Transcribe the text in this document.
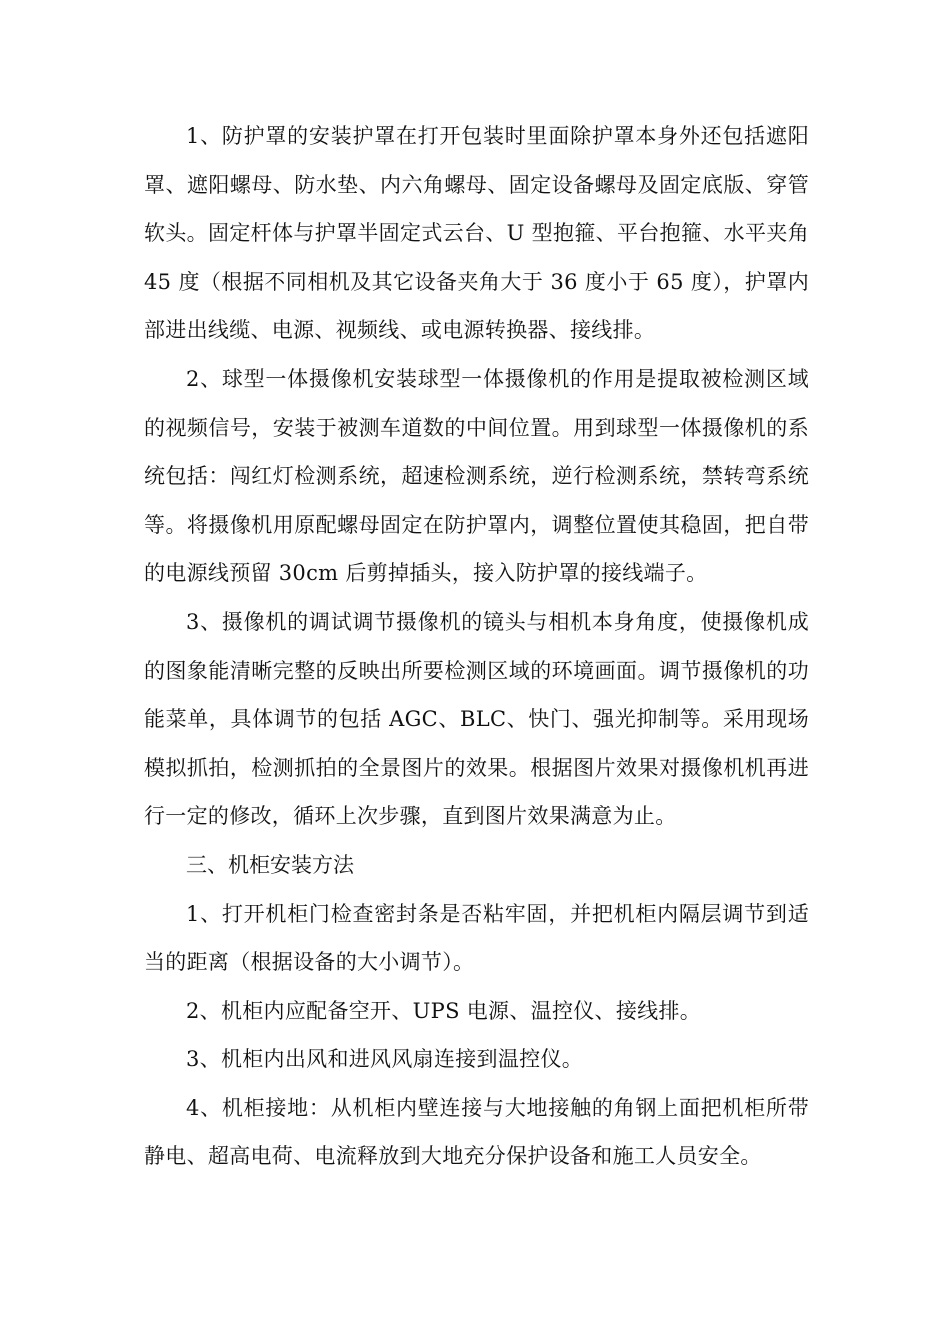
1、防护罩的安装护罩在打开包装时里面除护罩本身外还包括遮阳罩、遮阳螺母、防水垫、内六角螺母、固定设备螺母及固定底版、穿管软头。固定杆体与护罩半固定式云台、U 型抱箍、平台抱箍、水平夹角 45 度（根据不同相机及其它设备夹角大于 36 度小于 65 度），护罩内部进出线缆、电源、视频线、或电源转换器、接线排。

2、球型一体摄像机安装球型一体摄像机的作用是提取被检测区域的视频信号，安装于被测车道数的中间位置。用到球型一体摄像机的系统包括：闯红灯检测系统，超速检测系统，逆行检测系统，禁转弯系统等。将摄像机用原配螺母固定在防护罩内，调整位置使其稳固，把自带的电源线预留 30cm 后剪掉插头，接入防护罩的接线端子。

3、摄像机的调试调节摄像机的镜头与相机本身角度，使摄像机成的图象能清晰完整的反映出所要检测区域的环境画面。调节摄像机的功能菜单，具体调节的包括 AGC、BLC、快门、强光抑制等。采用现场模拟抓拍，检测抓拍的全景图片的效果。根据图片效果对摄像机机再进行一定的修改，循环上次步骤，直到图片效果满意为止。

三、机柜安装方法

1、打开机柜门检查密封条是否粘牢固，并把机柜内隔层调节到适当的距离（根据设备的大小调节）。

2、机柜内应配备空开、UPS 电源、温控仪、接线排。

3、机柜内出风和进风风扇连接到温控仪。

4、机柜接地：从机柜内壁连接与大地接触的角钢上面把机柜所带静电、超高电荷、电流释放到大地充分保护设备和施工人员安全。
